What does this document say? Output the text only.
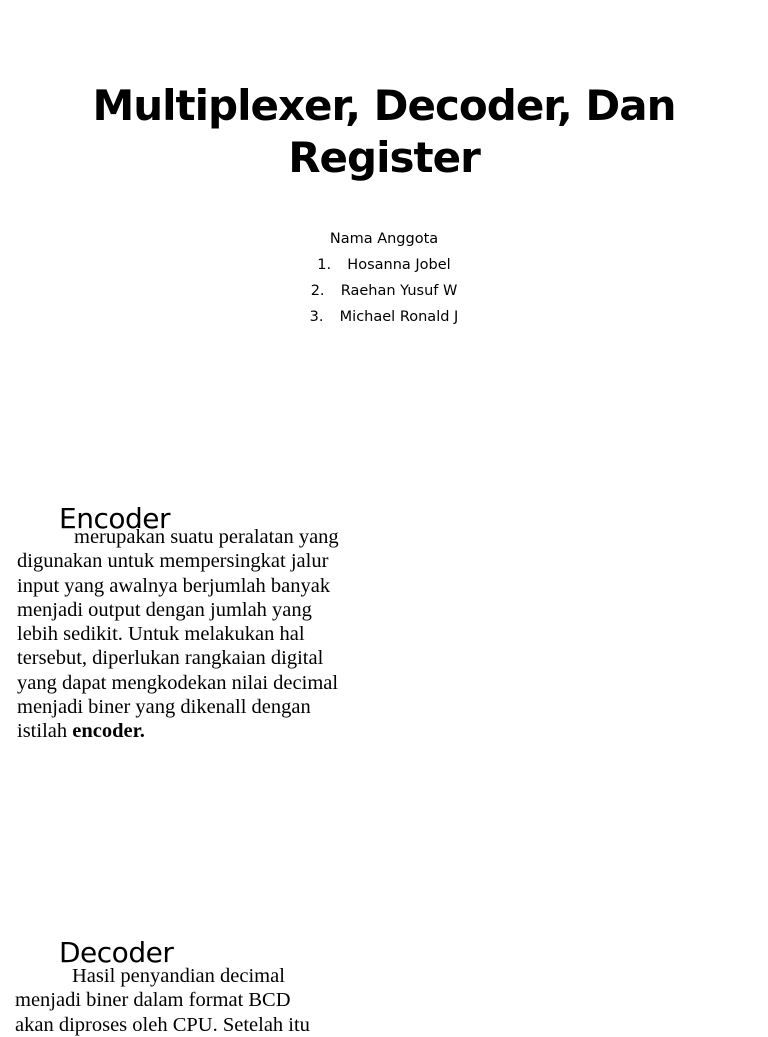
Multiplexer, Decoder, Dan
Register
Nama Anggota
1. Hosanna Jobel
2. Raehan Yusuf W
3. Michael Ronald J
Encoder
merupakan suatu peralatan yang
digunakan untuk mempersingkat jalur
input yang awalnya berjumlah banyak
menjadi output dengan jumlah yang
lebih sedikit. Untuk melakukan hal
tersebut, diperlukan rangkaian digital
yang dapat mengkodekan nilai decimal
menjadi biner yang dikenall dengan
istilah encoder.
Decoder
Hasil penyandian decimal
menjadi biner dalam format BCD
akan diproses oleh CPU. Setelah itu
